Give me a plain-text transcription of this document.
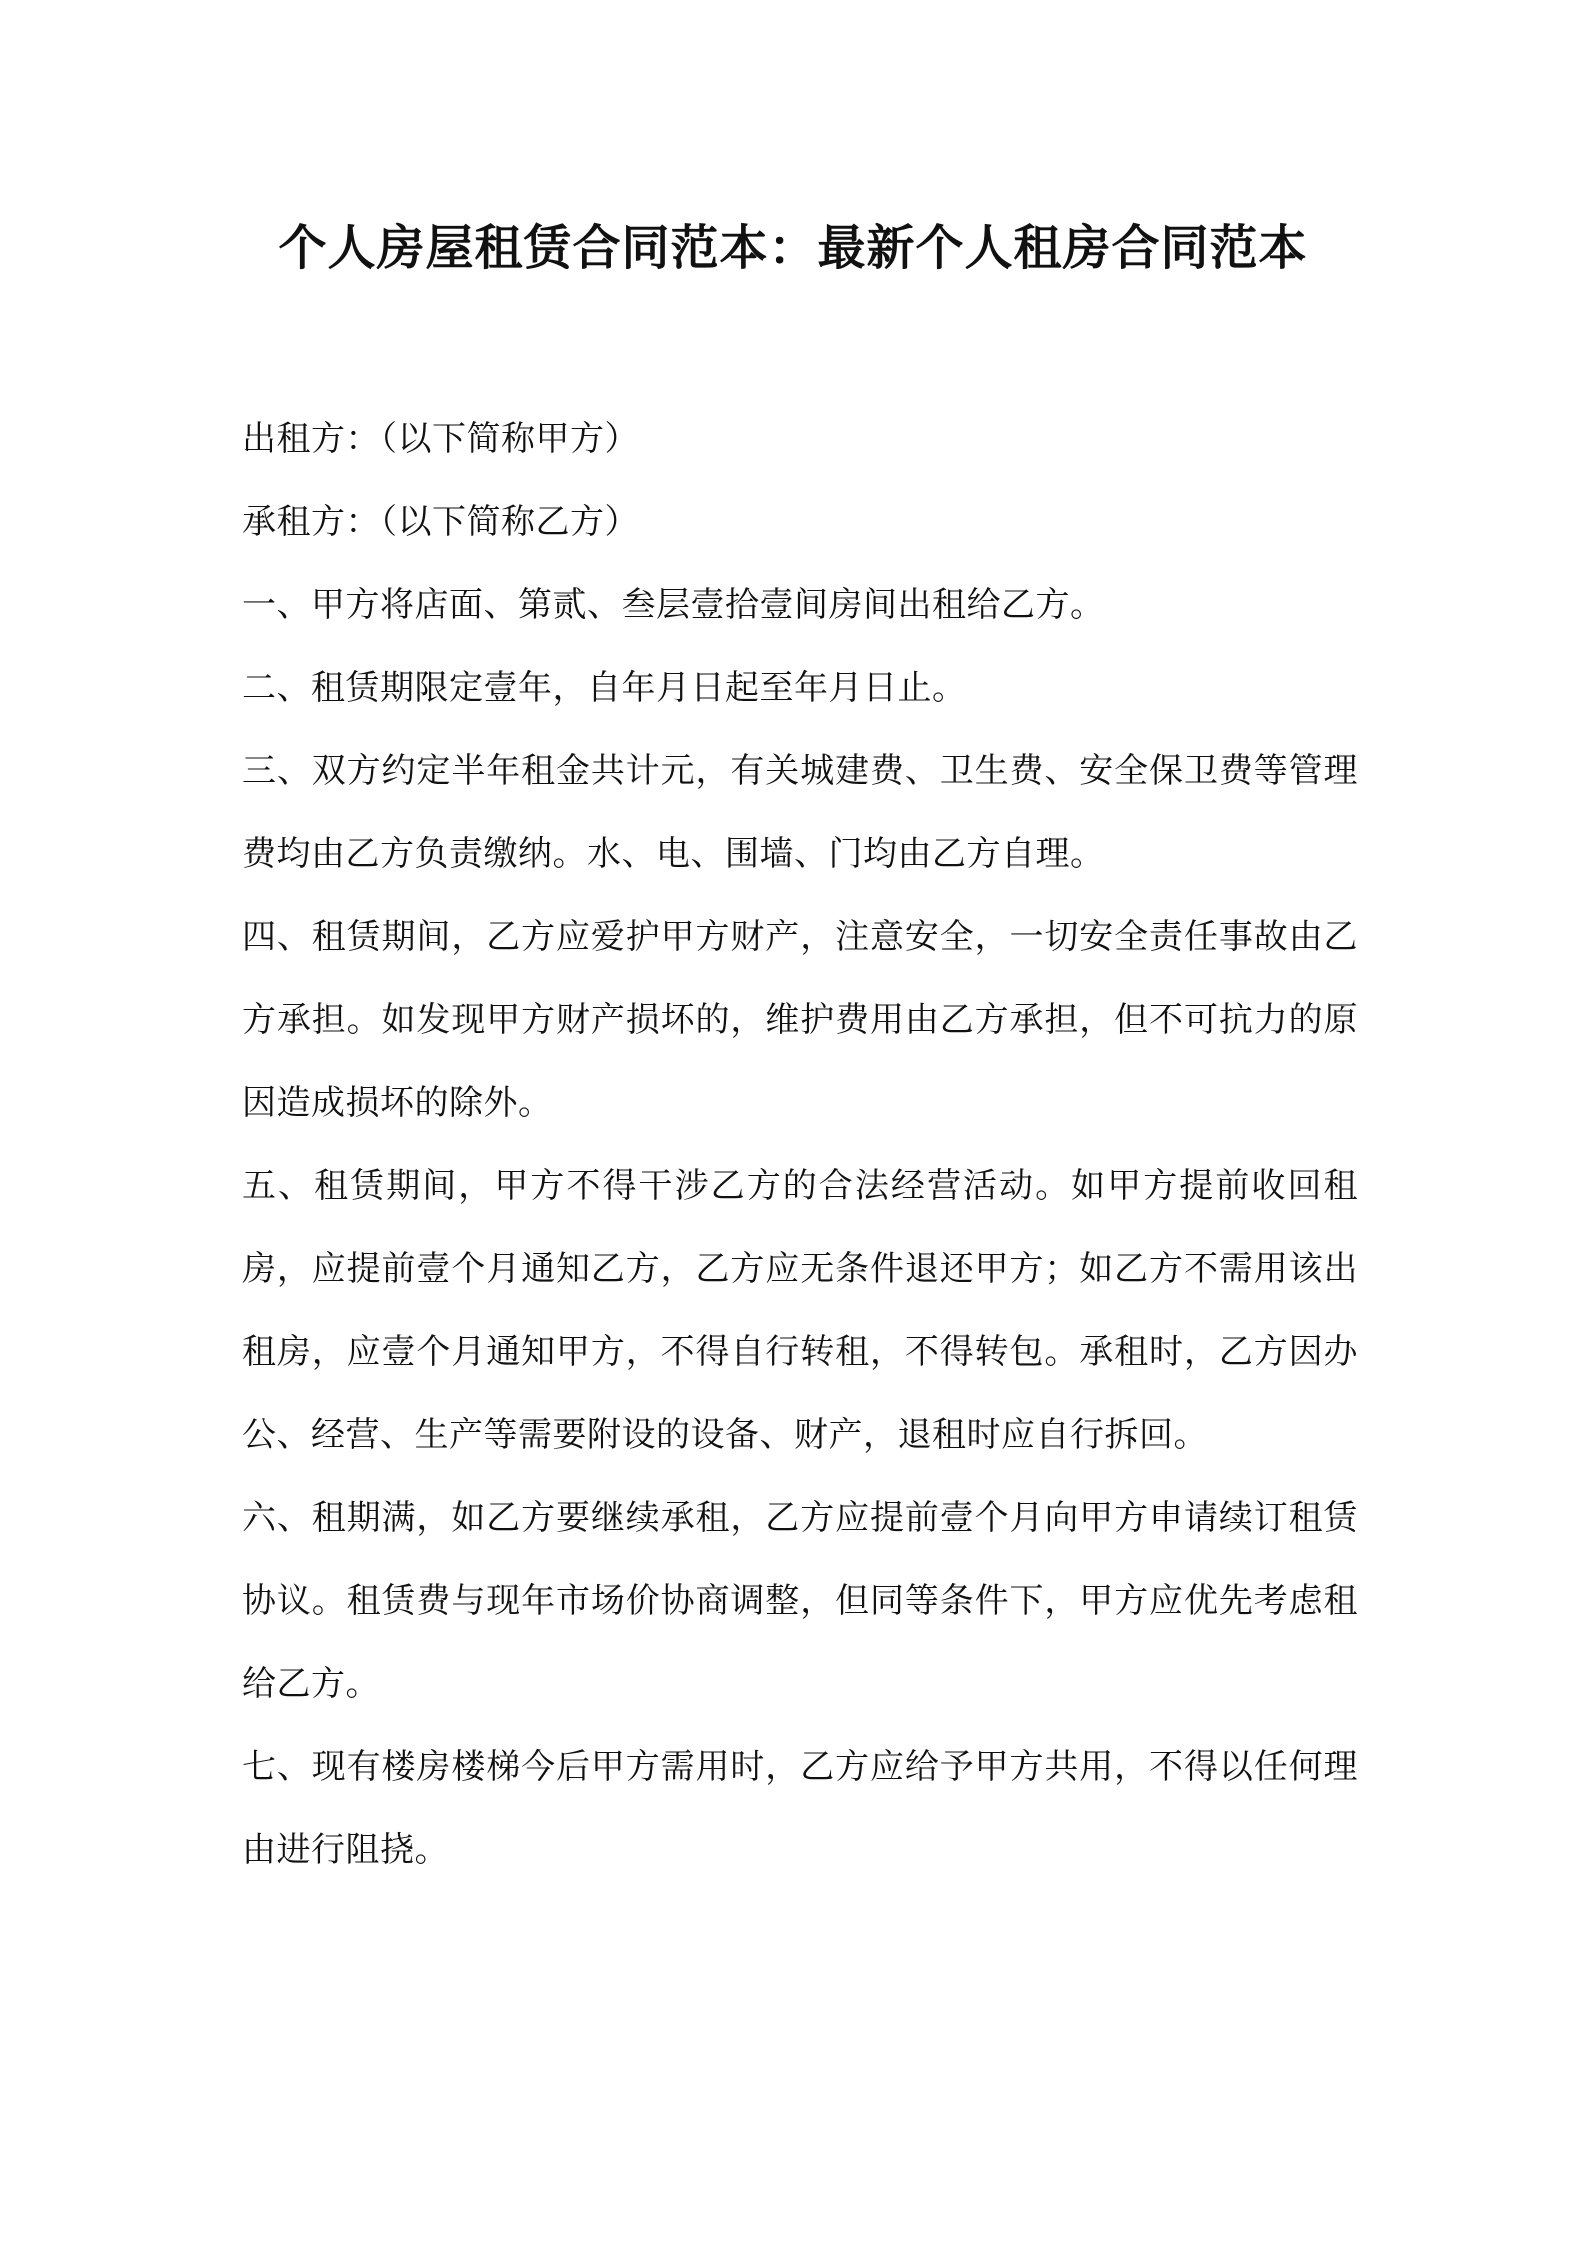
个人房屋租赁合同范本：最新个人租房合同范本

出租方：（以下简称甲方）

承租方：（以下简称乙方）

一、甲方将店面、第贰、叁层壹拾壹间房间出租给乙方。

二、租赁期限定壹年，自年月日起至年月日止。

三、双方约定半年租金共计元，有关城建费、卫生费、安全保卫费等管理费均由乙方负责缴纳。水、电、围墙、门均由乙方自理。

四、租赁期间，乙方应爱护甲方财产，注意安全，一切安全责任事故由乙方承担。如发现甲方财产损坏的，维护费用由乙方承担，但不可抗力的原因造成损坏的除外。

五、租赁期间，甲方不得干涉乙方的合法经营活动。如甲方提前收回租房，应提前壹个月通知乙方，乙方应无条件退还甲方；如乙方不需用该出租房，应壹个月通知甲方，不得自行转租，不得转包。承租时，乙方因办公、经营、生产等需要附设的设备、财产，退租时应自行拆回。

六、租期满，如乙方要继续承租，乙方应提前壹个月向甲方申请续订租赁协议。租赁费与现年市场价协商调整，但同等条件下，甲方应优先考虑租给乙方。

七、现有楼房楼梯今后甲方需用时，乙方应给予甲方共用，不得以任何理由进行阻挠。
